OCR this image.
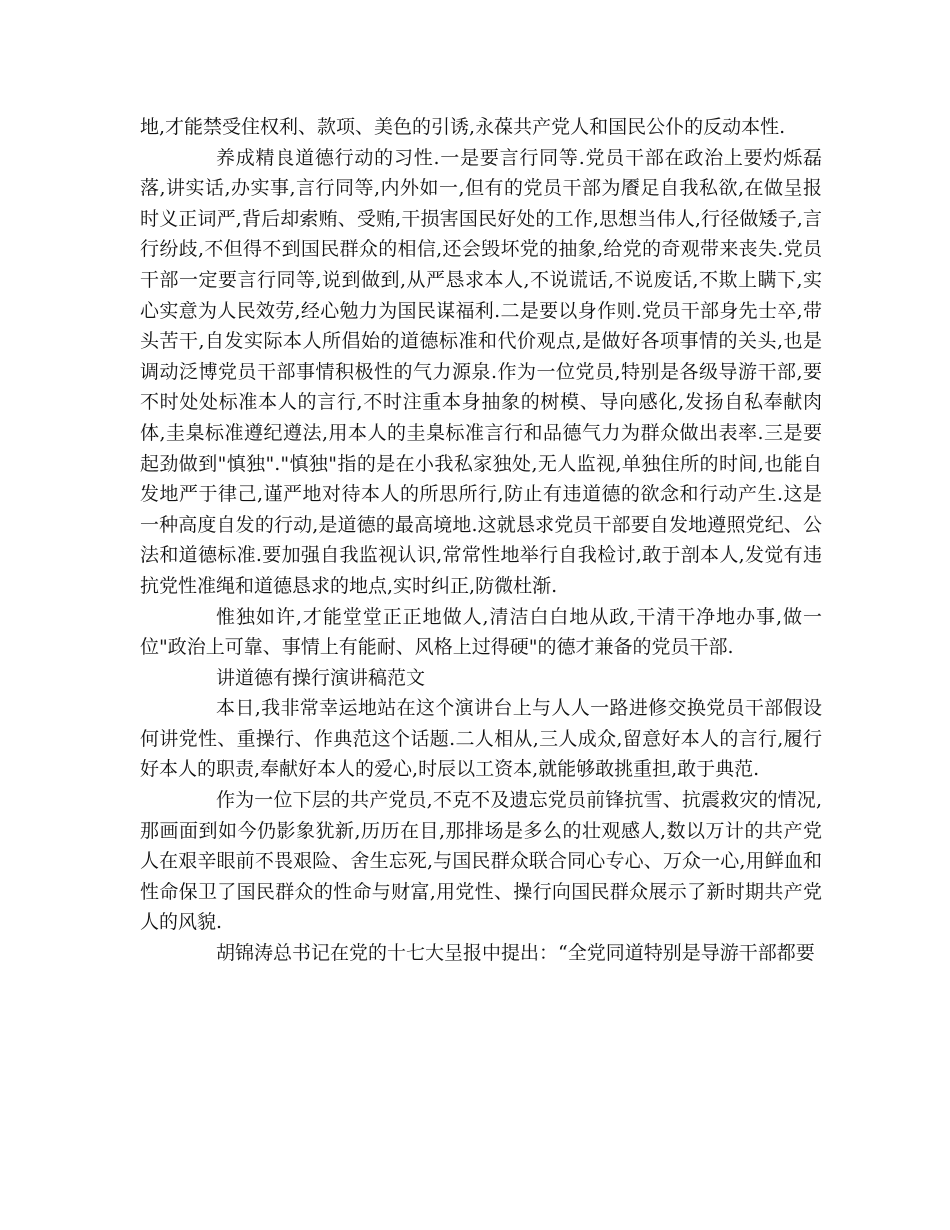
地,才能禁受住权利、款项、美色的引诱,永葆共产党人和国民公仆的反动本性.

养成精良道德行动的习性.一是要言行同等.党员干部在政治上要灼烁磊落,讲实话,办实事,言行同等,内外如一,但有的党员干部为餍足自我私欲,在做呈报时义正词严,背后却索贿、受贿,干损害国民好处的工作,思想当伟人,行径做矮子,言行纷歧,不但得不到国民群众的相信,还会毁坏党的抽象,给党的奇观带来丧失.党员干部一定要言行同等,说到做到,从严恳求本人,不说谎话,不说废话,不欺上瞒下,实心实意为人民效劳,经心勉力为国民谋福利.二是要以身作则.党员干部身先士卒,带头苦干,自发实际本人所倡始的道德标准和代价观点,是做好各项事情的关头,也是调动泛博党员干部事情积极性的气力源泉.作为一位党员,特别是各级导游干部,要不时处处标准本人的言行,不时注重本身抽象的树模、导向感化,发扬自私奉献肉体,圭臬标准遵纪遵法,用本人的圭臬标准言行和品德气力为群众做出表率.三是要起劲做到"慎独"."慎独"指的是在小我私家独处,无人监视,单独住所的时间,也能自发地严于律己,谨严地对待本人的所思所行,防止有违道德的欲念和行动产生.这是一种高度自发的行动,是道德的最高境地.这就恳求党员干部要自发地遵照党纪、公法和道德标准.要加强自我监视认识,常常性地举行自我检讨,敢于剖本人,发觉有违抗党性准绳和道德恳求的地点,实时纠正,防微杜渐.

惟独如许,才能堂堂正正地做人,清洁白白地从政,干清干净地办事,做一位"政治上可靠、事情上有能耐、风格上过得硬"的德才兼备的党员干部.

讲道德有操行演讲稿范文

本日,我非常幸运地站在这个演讲台上与人人一路进修交换党员干部假设何讲党性、重操行、作典范这个话题.二人相从,三人成众,留意好本人的言行,履行好本人的职责,奉献好本人的爱心,时辰以工资本,就能够敢挑重担,敢于典范.

作为一位下层的共产党员,不克不及遗忘党员前锋抗雪、抗震救灾的情况,那画面到如今仍影象犹新,历历在目,那排场是多么的壮观感人,数以万计的共产党人在艰辛眼前不畏艰险、舍生忘死,与国民群众联合同心专心、万众一心,用鲜血和性命保卫了国民群众的性命与财富,用党性、操行向国民群众展示了新时期共产党人的风貌.

胡锦涛总书记在党的十七大呈报中提出：“全党同道特别是导游干部都要
